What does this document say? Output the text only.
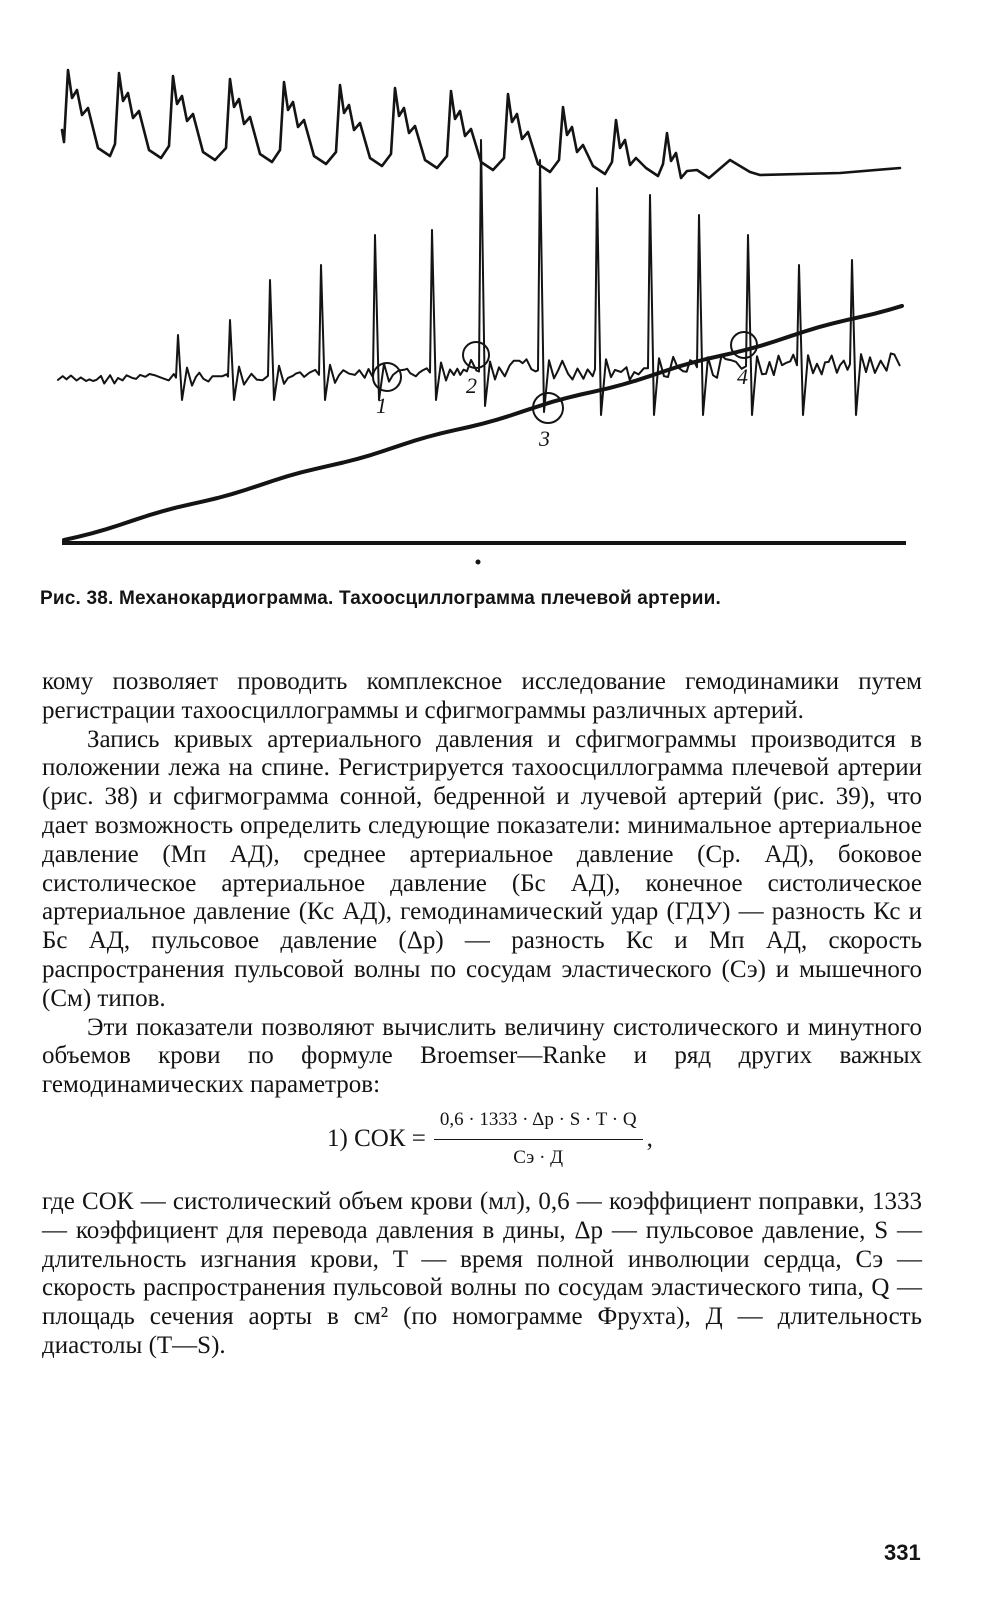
1
2
3
4
Рис. 38. Механокардиограмма. Тахоосциллограмма плечевой артерии.

кому позволяет проводить комплексное исследование гемодинамики путем регистрации тахоосциллограммы и сфигмограммы различных артерий.

Запись кривых артериального давления и сфигмограммы производится в положении лежа на спине. Регистрируется тахоосциллограмма плечевой артерии (рис. 38) и сфигмограмма сонной, бедренной и лучевой артерий (рис. 39), что дает возможность определить следующие показатели: минимальное артериальное давление (Мп АД), среднее артериальное давление (Ср. АД), боковое систолическое артериальное давление (Бс АД), конечное систолическое артериальное давление (Кс АД), гемодинамический удар (ГДУ) — разность Кс и Бс АД, пульсовое давление (Δp) — разность Кс и Мп АД, скорость распространения пульсовой волны по сосудам эластического (Сэ) и мышечного (См) типов.

Эти показатели позволяют вычислить величину систолического и минутного объемов крови по формуле Broemser—Ranke и ряд других важных гемодинамических параметров:

1) СОК = $\frac{0,6 \cdot 1333 \cdot \Delta p \cdot S \cdot T \cdot Q}{Сэ \cdot Д}$ ,

где СОК — систолический объем крови (мл), 0,6 — коэффициент поправки, 1333 — коэффициент для перевода давления в дины, Δp — пульсовое давление, S — длительность изгнания крови, T — время полной инволюции сердца, Сэ — скорость распространения пульсовой волны по сосудам эластического типа, Q — площадь сечения аорты в см² (по номограмме Фрухта), Д — длительность диастолы (T—S).

331
